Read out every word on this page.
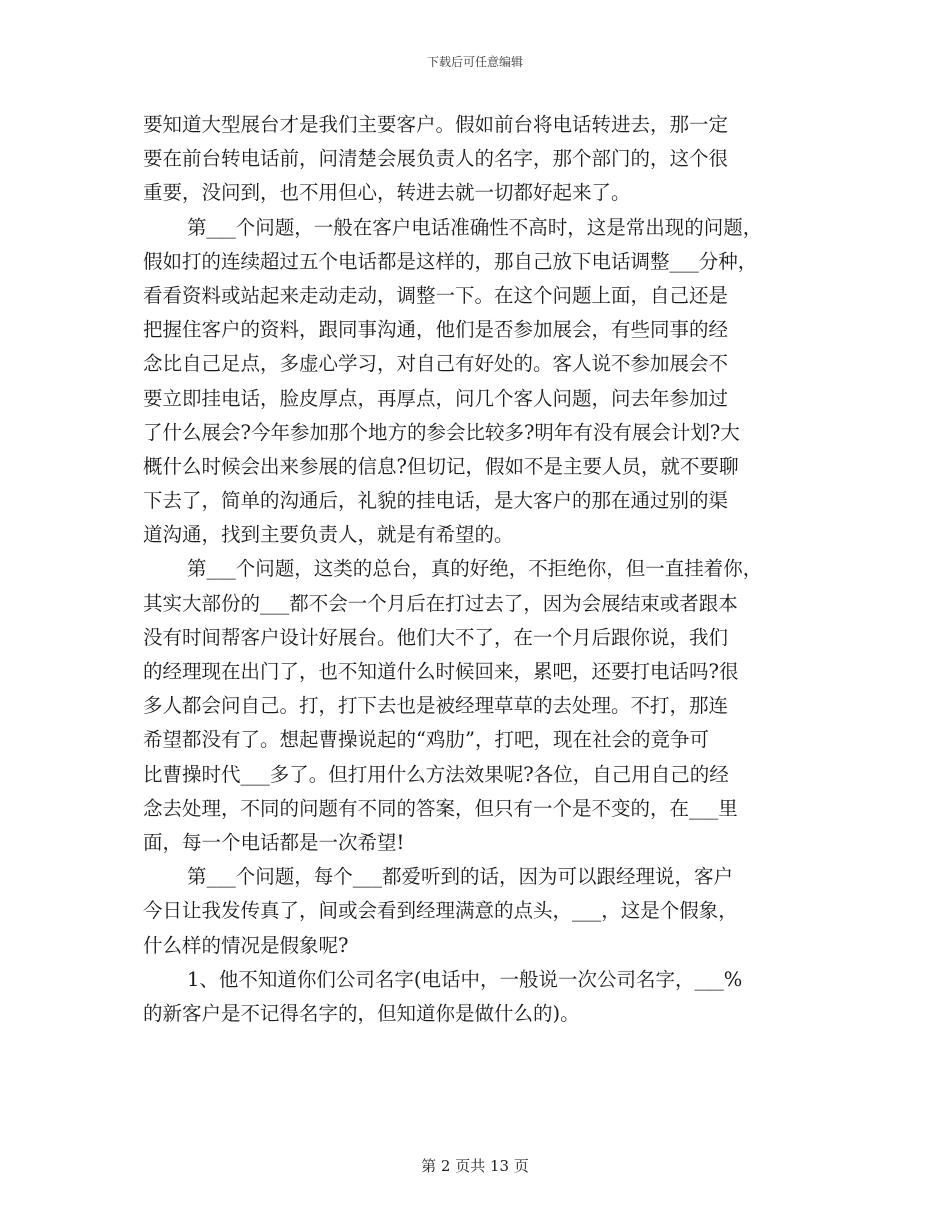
下载后可任意编辑
要知道大型展台才是我们主要客户。假如前台将电话转进去，那一定
要在前台转电话前，问清楚会展负责人的名字，那个部门的，这个很
重要，没问到，也不用但心，转进去就一切都好起来了。
第___个问题，一般在客户电话准确性不高时，这是常出现的问题，
假如打的连续超过五个电话都是这样的，那自己放下电话调整___分种，
看看资料或站起来走动走动，调整一下。在这个问题上面，自己还是
把握住客户的资料，跟同事沟通，他们是否参加展会，有些同事的经
念比自己足点，多虚心学习，对自己有好处的。客人说不参加展会不
要立即挂电话，脸皮厚点，再厚点，问几个客人问题，问去年参加过
了什么展会?今年参加那个地方的参会比较多?明年有没有展会计划?大
概什么时候会出来参展的信息?但切记，假如不是主要人员，就不要聊
下去了，简单的沟通后，礼貌的挂电话，是大客户的那在通过别的渠
道沟通，找到主要负责人，就是有希望的。
第___个问题，这类的总台，真的好绝，不拒绝你，但一直挂着你，
其实大部份的___都不会一个月后在打过去了，因为会展结束或者跟本
没有时间帮客户设计好展台。他们大不了，在一个月后跟你说，我们
的经理现在出门了，也不知道什么时候回来，累吧，还要打电话吗?很
多人都会问自己。打，打下去也是被经理草草的去处理。不打，那连
希望都没有了。想起曹操说起的“鸡肋”，打吧，现在社会的竟争可
比曹操时代___多了。但打用什么方法效果呢?各位，自己用自己的经
念去处理，不同的问题有不同的答案，但只有一个是不变的，在___里
面，每一个电话都是一次希望!
第___个问题，每个___都爱听到的话，因为可以跟经理说，客户
今日让我发传真了，间或会看到经理满意的点头，___，这是个假象，
什么样的情况是假象呢?
1、他不知道你们公司名字(电话中，一般说一次公司名字，___%
的新客户是不记得名字的，但知道你是做什么的)。
第 2 页共 13 页
